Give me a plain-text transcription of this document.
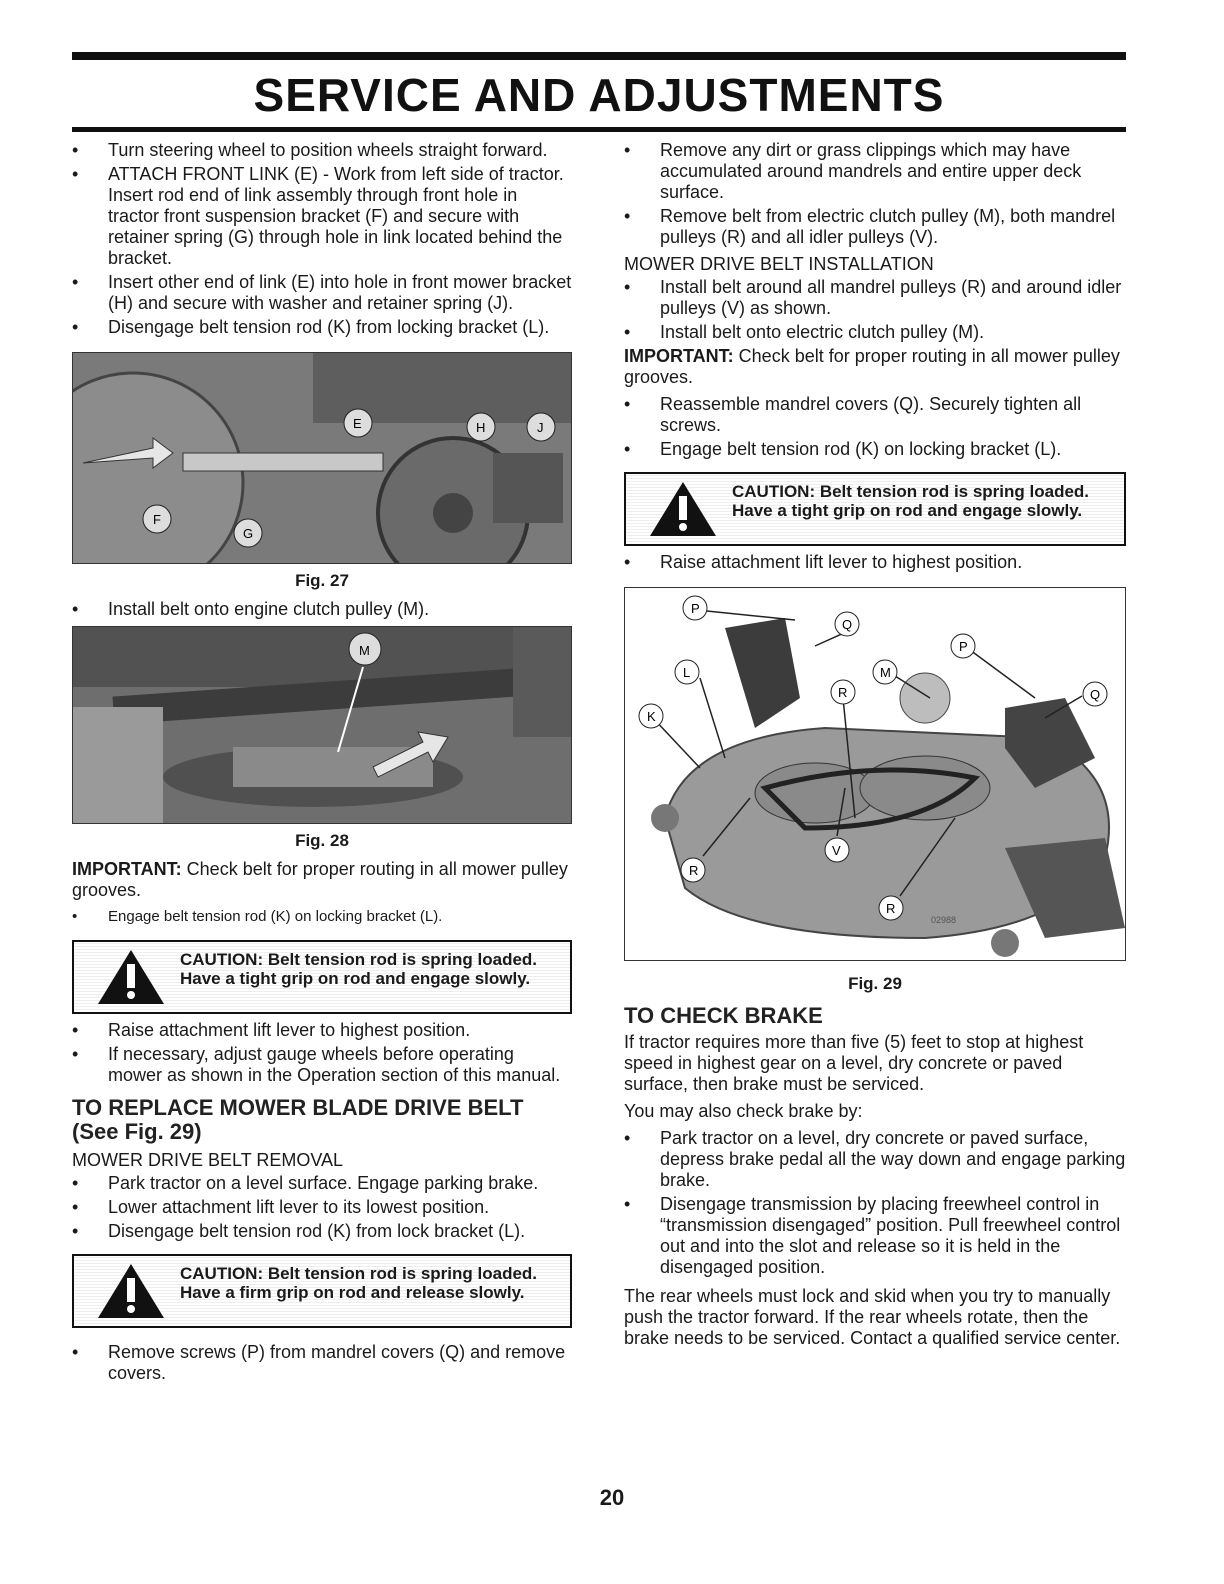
SERVICE AND ADJUSTMENTS
• Turn steering wheel to position wheels straight forward.
• ATTACH FRONT LINK (E) - Work from left side of tractor. Insert rod end of link assembly through front hole in tractor front suspension bracket (F) and secure with retainer spring (G) through hole in link located behind the bracket.
• Insert other end of link (E) into hole in front mower bracket (H) and secure with washer and retainer spring (J).
• Disengage belt tension rod (K) from locking bracket (L).
E	H	J
F
G
Fig. 27
• Install belt onto engine clutch pulley (M).
M
Fig. 28

IMPORTANT: Check belt for proper routing in all mower pulley grooves.

• Engage belt tension rod (K) on locking bracket (L).
CAUTION: Belt tension rod is spring loaded. Have a tight grip on rod and engage slowly.
• Raise attachment lift lever to highest position.
• If necessary, adjust gauge wheels before operating mower as shown in the Operation section of this manual.
TO REPLACE MOWER BLADE DRIVE BELT (See Fig. 29)
MOWER DRIVE BELT REMOVAL
• Park tractor on a level surface. Engage parking brake.
• Lower attachment lift lever to its lowest position.
• Disengage belt tension rod (K) from lock bracket (L).
CAUTION: Belt tension rod is spring loaded. Have a firm grip on rod and release slowly.
• Remove screws (P) from mandrel covers (Q) and remove covers.
• Remove any dirt or grass clippings which may have accumulated around mandrels and entire upper deck surface.
• Remove belt from electric clutch pulley (M), both mandrel pulleys (R) and all idler pulleys (V).
MOWER DRIVE BELT INSTALLATION
• Install belt around all mandrel pulleys (R) and around idler pulleys (V) as shown.
• Install belt onto electric clutch pulley (M).

IMPORTANT: Check belt for proper routing in all mower pulley grooves.

• Reassemble mandrel covers (Q). Securely tighten all screws.
• Engage belt tension rod (K) on locking bracket (L).
CAUTION: Belt tension rod is spring loaded. Have a tight grip on rod and engage slowly.
• Raise attachment lift lever to highest position.
P
Q
L	M
P
R	Q
K
V
R
R
02988
Fig. 29
TO CHECK BRAKE

If tractor requires more than five (5) feet to stop at highest speed in highest gear on a level, dry concrete or paved surface, then brake must be serviced.

You may also check brake by:

• Park tractor on a level, dry concrete or paved surface, depress brake pedal all the way down and engage parking brake.
• Disengage transmission by placing freewheel control in “transmission disengaged” position. Pull freewheel control out and into the slot and release so it is held in the disengaged position.

The rear wheels must lock and skid when you try to manually push the tractor forward. If the rear wheels rotate, then the brake needs to be serviced. Contact a qualified service center.

20
